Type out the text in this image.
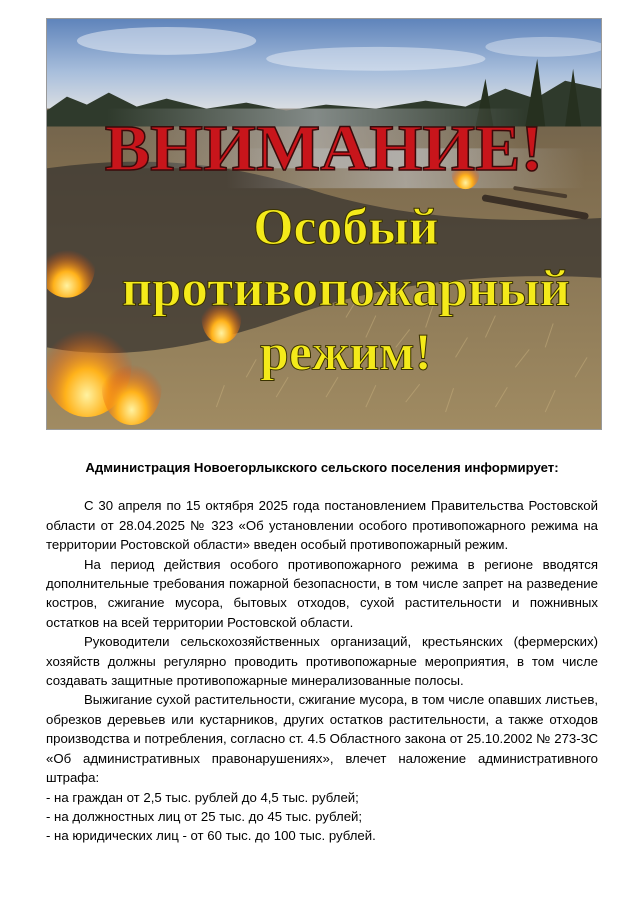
ВНИМАНИЕ!
Особый
противопожарный
режим!

Администрация Новоегорлыкского сельского поселения информирует:

С 30 апреля по 15 октября 2025 года постановлением Правительства Ростовской области от 28.04.2025 № 323 «Об установлении особого противопожарного режима на территории Ростовской области» введен особый противопожарный режим.

На период действия особого противопожарного режима в регионе вводятся дополнительные требования пожарной безопасности, в том числе запрет на разведение костров, сжигание мусора, бытовых отходов, сухой растительности и пожнивных остатков на всей территории Ростовской области.

Руководители сельскохозяйственных организаций, крестьянских (фермерских) хозяйств должны регулярно проводить противопожарные мероприятия, в том числе создавать защитные противопожарные минерализованные полосы.

Выжигание сухой растительности, сжигание мусора, в том числе опавших листьев, обрезков деревьев или кустарников, других остатков растительности, а также отходов производства и потребления, согласно ст. 4.5 Областного закона от 25.10.2002 № 273-ЗС «Об административных правонарушениях», влечет наложение административного штрафа:

- на граждан от 2,5 тыс. рублей до 4,5 тыс. рублей;
- на должностных лиц от 25 тыс. до 45 тыс. рублей;
- на юридических лиц - от 60 тыс. до 100 тыс. рублей.
